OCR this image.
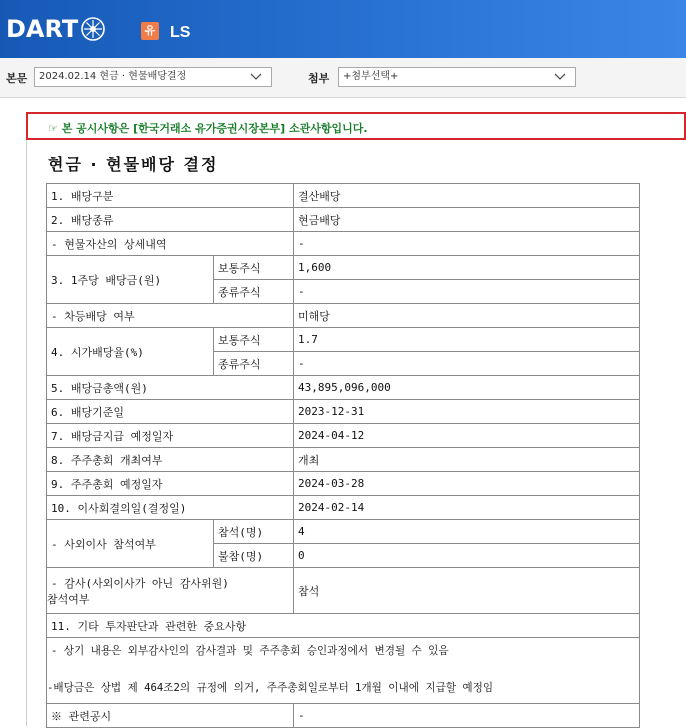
DART	유 LS
본문	2024.02.14 현금 · 현물배당결정	첨부	+첨부선택+
☞ 본 공시사항은 [한국거래소 유가증권시장본부] 소관사항입니다.
현금 · 현물배당 결정
1. 배당구분		결산배당
2. 배당종류		현금배당
- 현물자산의 상세내역		-
3. 1주당 배당금(원)	보통주식	1,600
	종류주식	-
- 차등배당 여부		미해당
4. 시가배당율(%)	보통주식	1.7
	종류주식	-
5. 배당금총액(원)		43,895,096,000
6. 배당기준일		2023-12-31
7. 배당금지급 예정일자		2024-04-12
8. 주주총회 개최여부		개최
9. 주주총회 예정일자		2024-03-28
10. 이사회결의일(결정일)		2024-02-14
- 사외이사 참석여부	참석(명)	4
	불참(명)	0

- 감사(사외이사가 아닌 감사위원)
참석여부		참석
11. 기타 투자판단과 관련한 중요사항		

- 상기 내용은 외부감사인의 감사결과 및 주주총회 승인과정에서 변경될 수 있음
-배당금은 상법 제 464조2의 규정에 의거, 주주총회일로부터 1개월 이내에 지급할 예정임		

※ 관련공시		-
